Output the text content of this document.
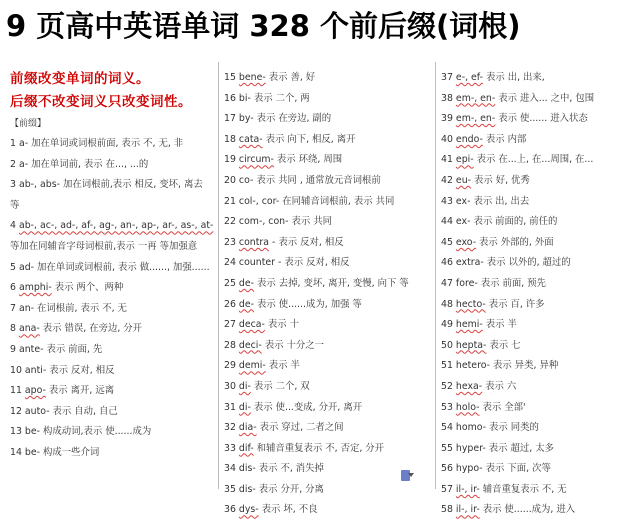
9 页高中英语单词 328 个前后缀(词根)
前缀改变单词的词义。
后缀不改变词义只改变词性。
【前缀】
1 a- 加在单词或词根前面, 表示 不, 无, 非
2 a- 加在单词前, 表示 在..., ...的
3 ab-, abs- 加在词根前,表示 相反, 变坏, 离去 等
4 ab-, ac-, ad-, af-, ag-, an-, ap-, ar-, as-, at- 等加在同辅音字母词根前,表示 一再 等加强意
5 ad- 加在单词或词根前, 表示 做......, 加强......
6 amphi- 表示 两个、两种
7 an- 在词根前, 表示 不, 无
8 ana- 表示 错误, 在旁边, 分开
9 ante- 表示 前面, 先
10 anti- 表示 反对, 相反
11 apo- 表示 离开, 远离
12 auto- 表示 自动, 自己
13 be- 构成动词,表示 使......成为
14 be- 构成一些介词
15 bene- 表示 善, 好
16 bi- 表示 二个, 两
17 by- 表示 在旁边, 副的
18 cata- 表示 向下, 相反, 离开
19 circum- 表示 环绕, 周围
20 co- 表示 共同 , 通常放元音词根前
21 col-, cor- 在同辅音词根前, 表示 共同
22 com-, con- 表示 共同
23 contra - 表示 反对, 相反
24 counter - 表示 反对, 相反
25 de- 表示 去掉, 变坏, 离开, 变慢, 向下 等
26 de- 表示 使......成为, 加强 等
27 deca- 表示 十
28 deci- 表示 十分之一
29 demi- 表示 半
30 di- 表示 二个, 双
31 di- 表示 使...变成, 分开, 离开
32 dia- 表示 穿过, 二者之间
33 dif- 和辅音重复表示 不, 否定, 分开
34 dis- 表示 不, 消失掉
35 dis- 表示 分开, 分离
36 dys- 表示 坏, 不良
37 e-, ef- 表示 出, 出来,
38 em-, en- 表示 进入... 之中, 包围
39 em-, en- 表示 使...... 进入状态
40 endo- 表示 内部
41 epi- 表示 在...上, 在...周围, 在...
42 eu- 表示 好, 优秀
43 ex- 表示 出, 出去
44 ex- 表示 前面的, 前任的
45 exo- 表示 外部的, 外面
46 extra- 表示 以外的, 超过的
47 fore- 表示 前面, 预先
48 hecto- 表示 百, 许多
49 hemi- 表示 半
50 hepta- 表示 七
51 hetero- 表示 异类, 异种
52 hexa- 表示 六
53 holo- 表示 全部'
54 homo- 表示 同类的
55 hyper- 表示 超过, 太多
56 hypo- 表示 下面, 次等
57 il-, ir- 辅音重复表示 不, 无
58 il-, ir- 表示 使......成为, 进入
